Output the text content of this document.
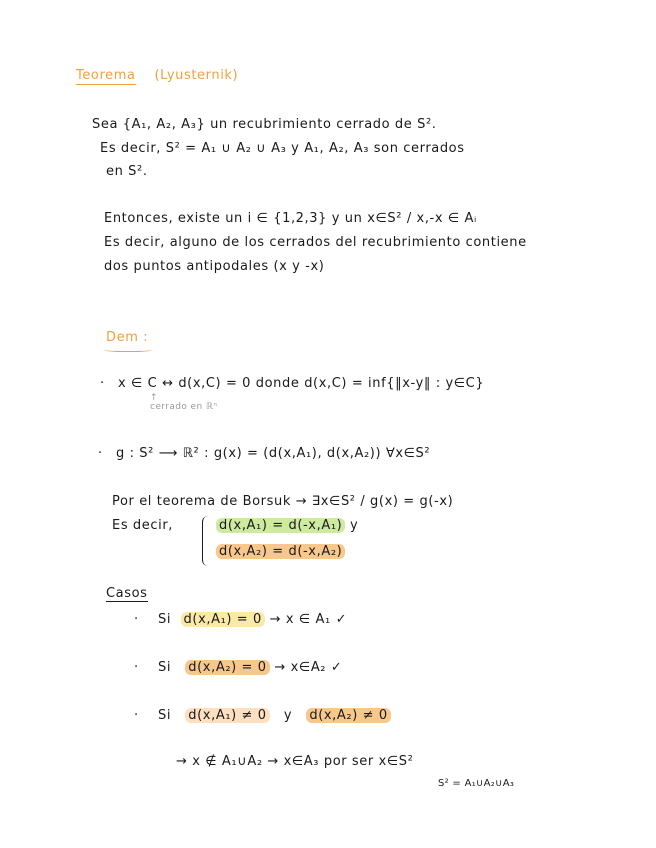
Teorema (Lyusternik)
Sea {A₁, A₂, A₃} un recubrimiento cerrado de S².
Es decir, S² = A₁ ∪ A₂ ∪ A₃ y A₁, A₂, A₃ son cerrados
en S².
Entonces, existe un i ∈ {1,2,3} y un x∈S² / x,-x ∈ Aᵢ
Es decir, alguno de los cerrados del recubrimiento contiene
dos puntos antipodales (x y -x)
Dem :
· x ∈ C ↔ d(x,C) = 0 donde d(x,C) = inf{‖x-y‖ : y∈C}
↑
cerrado en ℝⁿ
· g : S² ⟶ ℝ² : g(x) = (d(x,A₁), d(x,A₂)) ∀x∈S²
Por el teorema de Borsuk → ∃x∈S² / g(x) = g(-x)
Es decir,	d(x,A₁) = d(-x,A₁) y
d(x,A₂) = d(-x,A₂)
Casos
· Si d(x,A₁) = 0 → x ∈ A₁ ✓
· Si d(x,A₂) = 0 → x∈A₂ ✓
· Si d(x,A₁) ≠ 0 y d(x,A₂) ≠ 0
→ x ∉ A₁∪A₂ → x∈A₃ por ser x∈S²
S² = A₁∪A₂∪A₃
